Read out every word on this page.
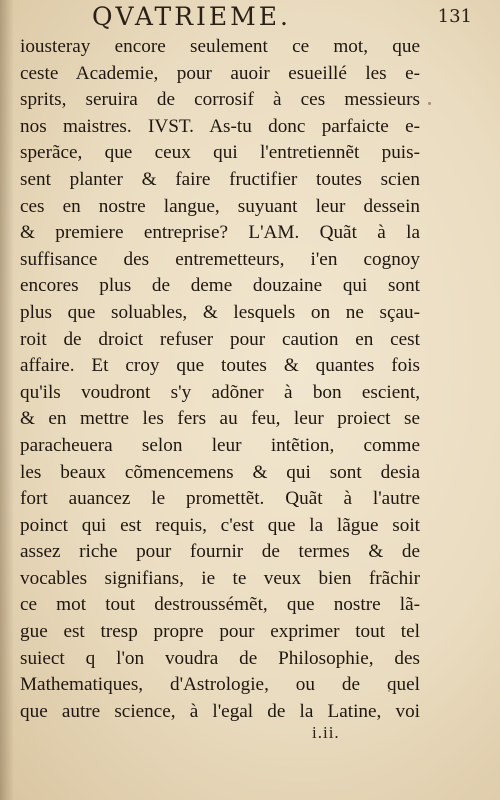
QVATRIEME.	131
iousteray encore seulement ce mot, que
ceste Academie, pour auoir esueillé les e-
sprits, seruira de corrosif à ces messieurs
nos maistres. IVST. As-tu donc parfaicte e-
sperãce, que ceux qui l'entretiennẽt puis-
sent planter & faire fructifier toutes scien
ces en nostre langue, suyuant leur dessein
& premiere entreprise? L'AM. Quãt à la
suffisance des entremetteurs, i'en cognoy
encores plus de deme douzaine qui sont
plus que soluables, & lesquels on ne sçau-
roit de droict refuser pour caution en cest
affaire. Et croy que toutes & quantes fois
qu'ils voudront s'y adõner à bon escient,
& en mettre les fers au feu, leur proiect se
paracheuera selon leur intẽtion, comme
les beaux cõmencemens & qui sont desia
fort auancez le promettẽt. Quãt à l'autre
poinct qui est requis, c'est que la lãgue soit
assez riche pour fournir de termes & de
vocables signifians, ie te veux bien frãchir
ce mot tout destroussémẽt, que nostre lã-
gue est tresp propre pour exprimer tout tel
suiect q l'on voudra de Philosophie, des
Mathematiques, d'Astrologie, ou de quel
que autre science, à l'egal de la Latine, voi
i.ii.
